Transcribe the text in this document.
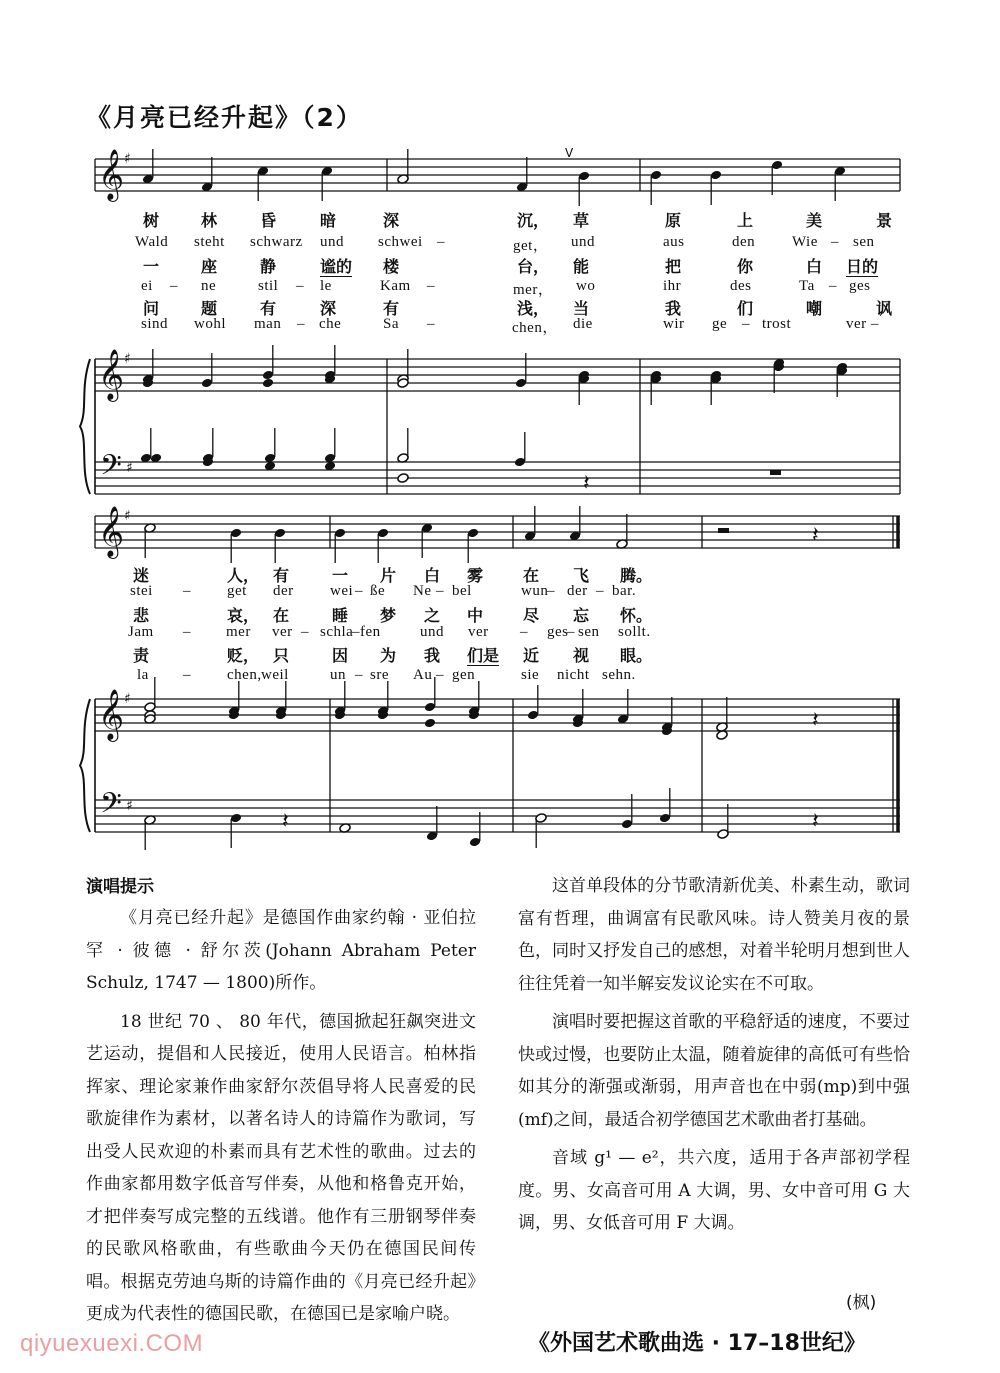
《月亮已经升起》（2）
𝄞 ♯
𝄞 ♯
𝄢 ♯
V
𝄽
𝄞 ♯
𝄞 ♯
𝄢 ♯
𝄽
𝄽
𝄽	𝄽
树	林	昏	暗	深	沉， 草	原	上	美	景
Wald steht schwarz und schwei –	get， und	aus	den Wie – sen
一	座	静	谧的 楼	台， 能	把	你	白 日的
ei – ne	stil – le	Kam –	mer， wo	ihr	des	Ta – ges
问	题	有	深	有	浅， 当	我	们	嘲	讽
sind wohl man – che	Sa –	chen， die	wir ge – trost	ver –
迷	人， 有	一 片 白 雾 在 飞 腾。
stei – get der wei – ße Ne – bel	wun
– der – bar.
悲	哀， 在	睡 梦 之 中 尽 忘 怀。
Jam – mer ver – schla
– fen	und ver – ges
– sen sollt.
责	贬， 只	因 为 我 们是 近 视 眼。
la – chen, weil	un – sre Au – gen	sie nicht sehn.
演唱提示

《月亮已经升起》是德国作曲家约翰 · 亚伯拉罕 · 彼德 · 舒尔茨(Johann Abraham Peter Schulz, 1747 — 1800)所作。

18 世纪 70 、 80 年代，德国掀起狂飙突进文艺运动，提倡和人民接近，使用人民语言。柏林指挥家、理论家兼作曲家舒尔茨倡导将人民喜爱的民歌旋律作为素材，以著名诗人的诗篇作为歌词，写出受人民欢迎的朴素而具有艺术性的歌曲。过去的作曲家都用数字低音写伴奏，从他和格鲁克开始，才把伴奏写成完整的五线谱。他作有三册钢琴伴奏的民歌风格歌曲，有些歌曲今天仍在德国民间传唱。根据克劳迪乌斯的诗篇作曲的《月亮已经升起》更成为代表性的德国民歌，在德国已是家喻户晓。

这首单段体的分节歌清新优美、朴素生动，歌词富有哲理，曲调富有民歌风味。诗人赞美月夜的景色，同时又抒发自己的感想，对着半轮明月想到世人往往凭着一知半解妄发议论实在不可取。

演唱时要把握这首歌的平稳舒适的速度，不要过快或过慢，也要防止太温，随着旋律的高低可有些恰如其分的渐强或渐弱，用声音也在中弱(mp)到中强(mf)之间，最适合初学德国艺术歌曲者打基础。

音域 g¹ — e²，共六度，适用于各声部初学程度。男、女高音可用 A 大调，男、女中音可用 G 大调，男、女低音可用 F 大调。

(枫)
qiyuexuexi.COM	《外国艺术歌曲选 · 17–18世纪》
